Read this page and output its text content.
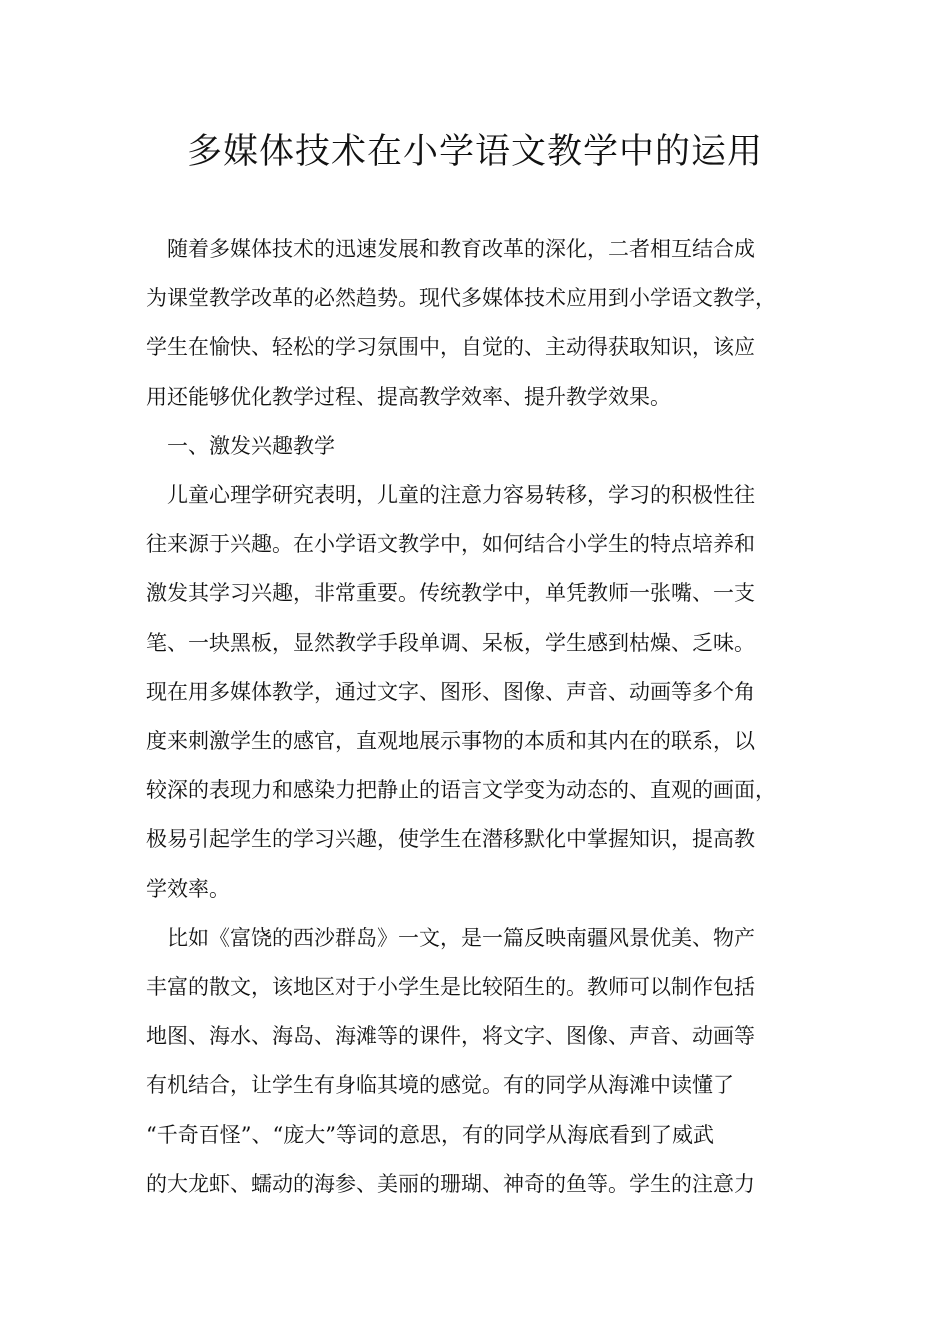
多媒体技术在小学语文教学中的运用
随着多媒体技术的迅速发展和教育改革的深化，二者相互结合成
为课堂教学改革的必然趋势。现代多媒体技术应用到小学语文教学，
学生在愉快、轻松的学习氛围中，自觉的、主动得获取知识，该应
用还能够优化教学过程、提高教学效率、提升教学效果。
一、激发兴趣教学
儿童心理学研究表明，儿童的注意力容易转移，学习的积极性往
往来源于兴趣。在小学语文教学中，如何结合小学生的特点培养和
激发其学习兴趣，非常重要。传统教学中，单凭教师一张嘴、一支
笔、一块黑板，显然教学手段单调、呆板，学生感到枯燥、乏味。
现在用多媒体教学，通过文字、图形、图像、声音、动画等多个角
度来刺激学生的感官，直观地展示事物的本质和其内在的联系，以
较深的表现力和感染力把静止的语言文学变为动态的、直观的画面，
极易引起学生的学习兴趣，使学生在潜移默化中掌握知识，提高教
学效率。
比如《富饶的西沙群岛》一文，是一篇反映南疆风景优美、物产
丰富的散文，该地区对于小学生是比较陌生的。教师可以制作包括
地图、海水、海岛、海滩等的课件，将文字、图像、声音、动画等
有机结合，让学生有身临其境的感觉。有的同学从海滩中读懂了
“千奇百怪”、“庞大”等词的意思，有的同学从海底看到了威武
的大龙虾、蠕动的海参、美丽的珊瑚、神奇的鱼等。学生的注意力
